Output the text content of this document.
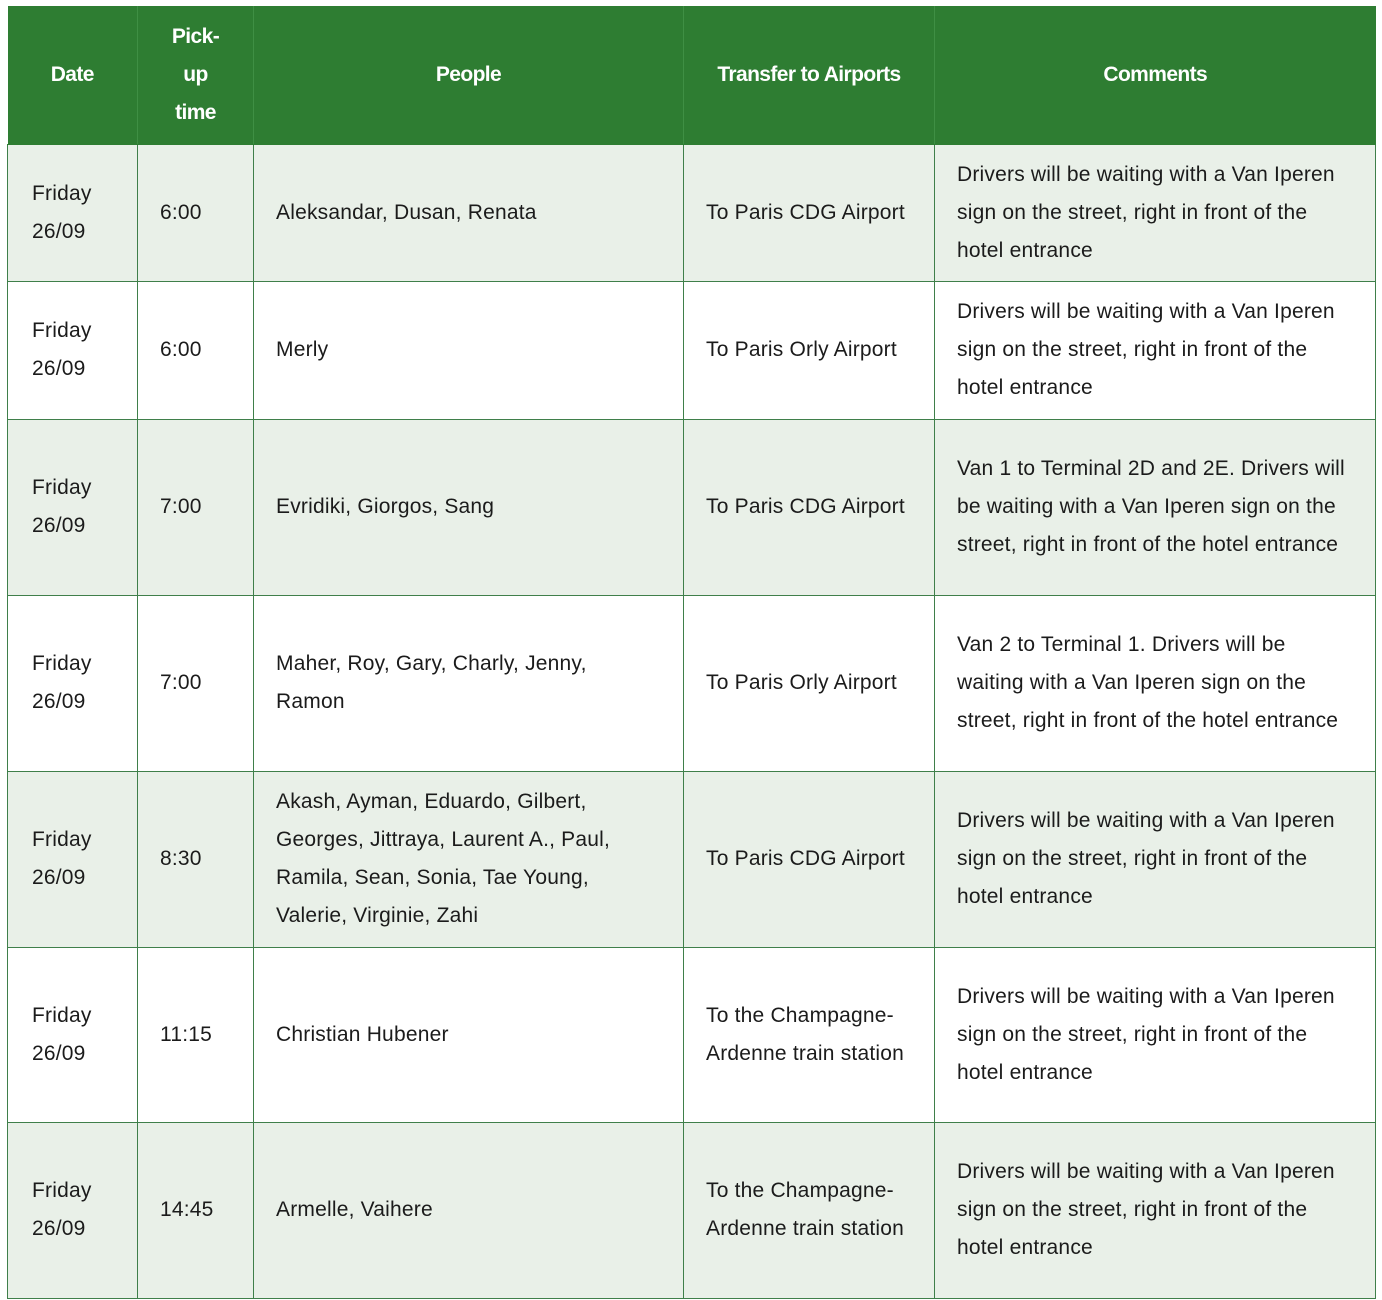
Date	Pick-
up
time	People	Transfer to Airports	Comments

Friday
26/09	6:00	Aleksandar, Dusan, Renata	To Paris CDG Airport	Drivers will be waiting with a Van Iperen sign on the street, right in front of the hotel entrance

Friday
26/09	6:00	Merly	To Paris Orly Airport	Drivers will be waiting with a Van Iperen sign on the street, right in front of the hotel entrance

Friday
26/09	7:00	Evridiki, Giorgos, Sang	To Paris CDG Airport	Van 1 to Terminal 2D and 2E. Drivers will be waiting with a Van Iperen sign on the street, right in front of the hotel entrance

Friday
26/09	7:00	Maher, Roy, Gary, Charly, Jenny, Ramon	To Paris Orly Airport	Van 2 to Terminal 1. Drivers will be waiting with a Van Iperen sign on the street, right in front of the hotel entrance

Friday
26/09	8:30	Akash, Ayman, Eduardo, Gilbert, Georges, Jittraya, Laurent A., Paul, Ramila, Sean, Sonia, Tae Young, Valerie, Virginie, Zahi	To Paris CDG Airport	Drivers will be waiting with a Van Iperen sign on the street, right in front of the hotel entrance

Friday
26/09	11:15	Christian Hubener	To the Champagne-Ardenne train station	Drivers will be waiting with a Van Iperen sign on the street, right in front of the hotel entrance

Friday
26/09	14:45	Armelle, Vaihere	To the Champagne-Ardenne train station	Drivers will be waiting with a Van Iperen sign on the street, right in front of the hotel entrance
